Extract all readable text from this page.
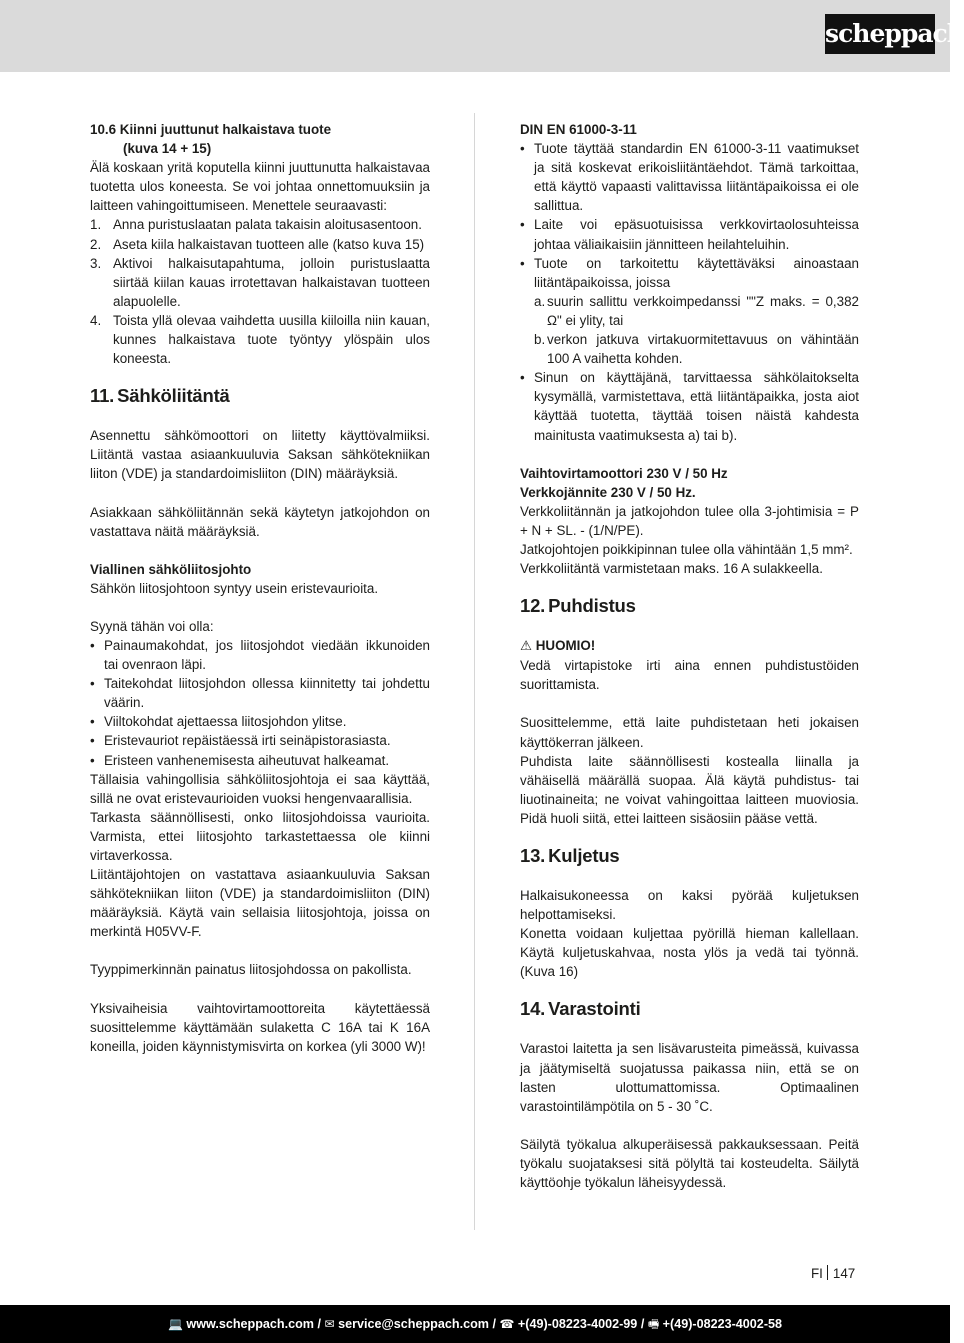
scheppach

10.6 Kiinni juuttunut halkaistava tuote

(kuva 14 + 15)

Älä koskaan yritä koputella kiinni juuttunutta halkaistavaa tuotetta ulos koneesta. Se voi johtaa onnettomuuksiin ja laitteen vahingoittumiseen. Menettele seuraavasti:

1. Anna puristuslaatan palata takaisin aloitusasentoon.
2. Aseta kiila halkaistavan tuotteen alle (katso kuva 15)
3. Aktivoi halkaisutapahtuma, jolloin puristuslaatta siirtää kiilan kauas irrotettavan halkaistavan tuotteen alapuolelle.
4. Toista yllä olevaa vaihdetta uusilla kiiloilla niin kauan, kunnes halkaistava tuote työntyy ylöspäin ulos koneesta.
11. Sähköliitäntä

Asennettu sähkömoottori on liitetty käyttövalmiiksi. Liitäntä vastaa asiaankuuluvia Saksan sähkötekniikan liiton (VDE) ja standardoimisliiton (DIN) määräyksiä.

Asiakkaan sähköliitännän sekä käytetyn jatkojohdon on vastattava näitä määräyksiä.

Viallinen sähköliitosjohto

Sähkön liitosjohtoon syntyy usein eristevaurioita.

Syynä tähän voi olla:

• Painaumakohdat, jos liitosjohdot viedään ikkunoiden tai ovenraon läpi.
• Taitekohdat liitosjohdon ollessa kiinnitetty tai johdettu väärin.
• Viiltokohdat ajettaessa liitosjohdon ylitse.
• Eristevauriot repäistäessä irti seinäpistorasiasta.
• Eristeen vanhenemisesta aiheutuvat halkeamat.

Tällaisia vahingollisia sähköliitosjohtoja ei saa käyttää, sillä ne ovat eristevaurioiden vuoksi hengenvaarallisia.

Tarkasta säännöllisesti, onko liitosjohdoissa vaurioita. Varmista, ettei liitosjohto tarkastettaessa ole kiinni virtaverkossa.

Liitäntäjohtojen on vastattava asiaankuuluvia Saksan sähkötekniikan liiton (VDE) ja standardoimisliiton (DIN) määräyksiä. Käytä vain sellaisia liitosjohtoja, joissa on merkintä H05VV-F.

Tyyppimerkinnän painatus liitosjohdossa on pakollista.

Yksivaiheisia vaihtovirtamoottoreita käytettäessä suosittelemme käyttämään sulaketta C 16A tai K 16A koneilla, joiden käynnistymisvirta on korkea (yli 3000 W)!

DIN EN 61000-3-11

• Tuote täyttää standardin EN 61000-3-11 vaatimukset ja sitä koskevat erikoisliitäntäehdot. Tämä tarkoittaa, että käyttö vapaasti valittavissa liitäntäpaikoissa ei ole sallittua.
• Laite voi epäsuotuisissa verkkovirtaolosuhteissa johtaa väliaikaisiin jännitteen heilahteluihin.
• Tuote on tarkoitettu käytettäväksi ainoastaan liitäntäpaikoissa, joissa
a. suurin sallittu verkkoimpedanssi ""Z maks. = 0,382 Ω" ei ylity, tai
b. verkon jatkuva virtakuormitettavuus on vähintään 100 A vaihetta kohden.
• Sinun on käyttäjänä, tarvittaessa sähkölaitokselta kysymällä, varmistettava, että liitäntäpaikka, josta aiot käyttää tuotetta, täyttää toisen näistä kahdesta mainitusta vaatimuksesta a) tai b).

Vaihtovirtamoottori 230 V / 50 Hz

Verkkojännite 230 V / 50 Hz.

Verkkoliitännän ja jatkojohdon tulee olla 3-johtimisia = P + N + SL. - (1/N/PE).

Jatkojohtojen poikkipinnan tulee olla vähintään 1,5 mm².

Verkkoliitäntä varmistetaan maks. 16 A sulakkeella.

12. Puhdistus

⚠ HUOMIO!

Vedä virtapistoke irti aina ennen puhdistustöiden suorittamista.

Suosittelemme, että laite puhdistetaan heti jokaisen käyttökerran jälkeen.

Puhdista laite säännöllisesti kostealla liinalla ja vähäisellä määrällä suopaa. Älä käytä puhdistus- tai liuotinaineita; ne voivat vahingoittaa laitteen muoviosia. Pidä huoli siitä, ettei laitteen sisäosiin pääse vettä.

13. Kuljetus

Halkaisukoneessa on kaksi pyörää kuljetuksen helpottamiseksi.

Konetta voidaan kuljettaa pyörillä hieman kallellaan. Käytä kuljetuskahvaa, nosta ylös ja vedä tai työnnä. (Kuva 16)

14. Varastointi

Varastoi laitetta ja sen lisävarusteita pimeässä, kuivassa ja jäätymiseltä suojatussa paikassa niin, että se on lasten ulottumattomissa. Optimaalinen varastointilämpötila on 5 - 30 ˚C.

Säilytä työkalua alkuperäisessä pakkauksessaan. Peitä työkalu suojataksesi sitä pölyltä tai kosteudelta. Säilytä käyttöohje työkalun läheisyydessä.

FI 147
💻 www.scheppach.com / ✉ service@scheppach.com / ☎ +(49)-08223-4002-99 / 🖷 +(49)-08223-4002-58
